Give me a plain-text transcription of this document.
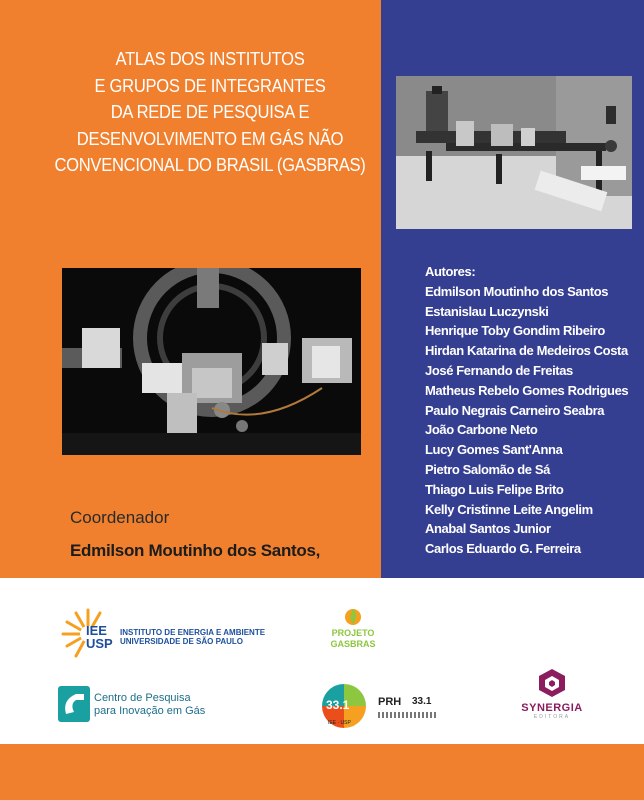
ATLAS DOS INSTITUTOS
E GRUPOS DE INTEGRANTES
DA REDE DE PESQUISA E
DESENVOLVIMENTO EM GÁS NÃO
CONVENCIONAL DO BRASIL (GASBRAS)
Autores:
Edmilson Moutinho dos Santos
Estanislau Luczynski
Henrique Toby Gondim Ribeiro
Hirdan Katarina de Medeiros Costa
José Fernando de Freitas
Matheus Rebelo Gomes Rodrigues
Paulo Negrais Carneiro Seabra
João Carbone Neto
Lucy Gomes Sant'Anna
Pietro Salomão de Sá
Thiago Luis Felipe Brito
Kelly Cristinne Leite Angelim
Anabal Santos Junior
Carlos Eduardo G. Ferreira
Coordenador
Edmilson Moutinho dos Santos,
IEE
USP
INSTITUTO DE ENERGIA E AMBIENTE
UNIVERSIDADE DE SÃO PAULO
PROJETO
GASBRAS
Centro de Pesquisa
para Inovação em Gás	33.1
IEE · USP
PRH 33.1
SYNERGIA
EDITORA
